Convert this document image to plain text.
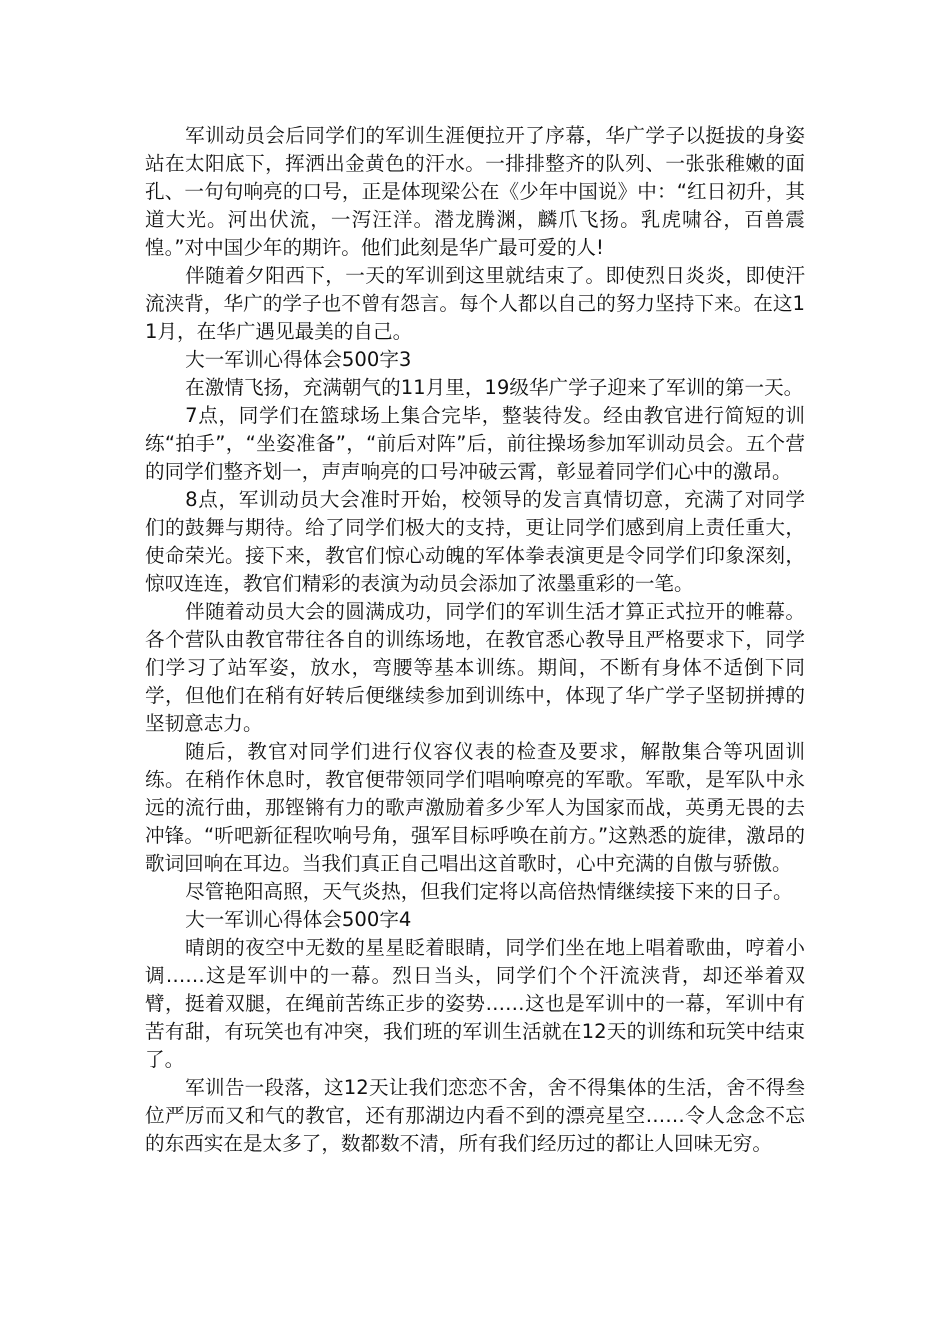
军训动员会后同学们的军训生涯便拉开了序幕，华广学子以挺拔的身姿站在太阳底下，挥洒出金黄色的汗水。一排排整齐的队列、一张张稚嫩的面孔、一句句响亮的口号，正是体现梁公在《少年中国说》中：“红日初升，其道大光。河出伏流，一泻汪洋。潜龙腾渊，麟爪飞扬。乳虎啸谷，百兽震惶。”对中国少年的期许。他们此刻是华广最可爱的人!

伴随着夕阳西下，一天的军训到这里就结束了。即使烈日炎炎，即使汗流浃背，华广的学子也不曾有怨言。每个人都以自己的努力坚持下来。在这11月，在华广遇见最美的自己。

大一军训心得体会500字3

在激情飞扬，充满朝气的11月里，19级华广学子迎来了军训的第一天。

7点，同学们在篮球场上集合完毕，整装待发。经由教官进行简短的训练“拍手”，“坐姿准备”，“前后对阵”后，前往操场参加军训动员会。五个营的同学们整齐划一，声声响亮的口号冲破云霄，彰显着同学们心中的激昂。

8点，军训动员大会准时开始，校领导的发言真情切意，充满了对同学们的鼓舞与期待。给了同学们极大的支持，更让同学们感到肩上责任重大，使命荣光。接下来，教官们惊心动魄的军体拳表演更是令同学们印象深刻，惊叹连连，教官们精彩的表演为动员会添加了浓墨重彩的一笔。

伴随着动员大会的圆满成功，同学们的军训生活才算正式拉开的帷幕。各个营队由教官带往各自的训练场地，在教官悉心教导且严格要求下，同学们学习了站军姿，放水，弯腰等基本训练。期间，不断有身体不适倒下同学，但他们在稍有好转后便继续参加到训练中，体现了华广学子坚韧拼搏的坚韧意志力。

随后，教官对同学们进行仪容仪表的检查及要求，解散集合等巩固训练。在稍作休息时，教官便带领同学们唱响嘹亮的军歌。军歌，是军队中永远的流行曲，那铿锵有力的歌声激励着多少军人为国家而战，英勇无畏的去冲锋。“听吧新征程吹响号角，强军目标呼唤在前方。”这熟悉的旋律，激昂的歌词回响在耳边。当我们真正自己唱出这首歌时，心中充满的自傲与骄傲。

尽管艳阳高照，天气炎热，但我们定将以高倍热情继续接下来的日子。

大一军训心得体会500字4

晴朗的夜空中无数的星星眨着眼睛，同学们坐在地上唱着歌曲，哼着小调……这是军训中的一幕。烈日当头，同学们个个汗流浃背，却还举着双臂，挺着双腿，在绳前苦练正步的姿势……这也是军训中的一幕，军训中有苦有甜，有玩笑也有冲突，我们班的军训生活就在12天的训练和玩笑中结束了。

军训告一段落，这12天让我们恋恋不舍，舍不得集体的生活，舍不得叁位严厉而又和气的教官，还有那湖边内看不到的漂亮星空……令人念念不忘的东西实在是太多了，数都数不清，所有我们经历过的都让人回味无穷。
